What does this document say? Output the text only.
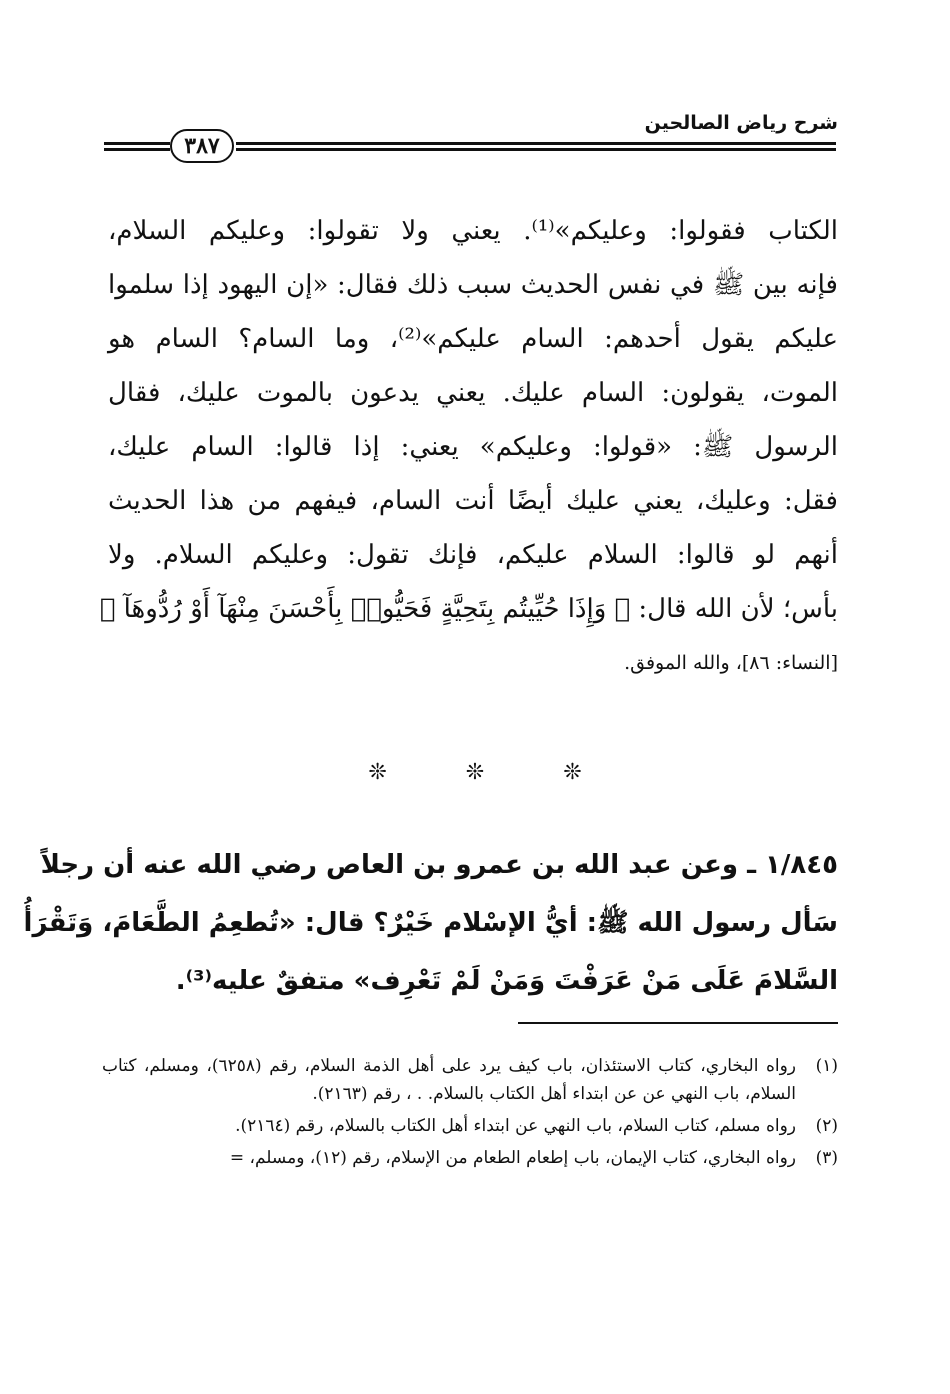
شرح رياض الصالحين
٣٨٧
الكتاب فقولوا: وعليكم»⁽¹⁾. يعني ولا تقولوا: وعليكم السلام،
فإنه بين ﷺ في نفس الحديث سبب ذلك فقال: «إن اليهود إذا سلموا
عليكم يقول أحدهم: السام عليكم»⁽²⁾، وما السام؟ السام هو
الموت، يقولون: السام عليك. يعني يدعون بالموت عليك، فقال
الرسول ﷺ: «قولوا: وعليكم» يعني: إذا قالوا: السام عليك،
فقل: وعليك، يعني عليك أيضًا أنت السام، فيفهم من هذا الحديث
أنهم لو قالوا: السلام عليكم، فإنك تقول: وعليكم السلام. ولا
بأس؛ لأن الله قال: ﴿ وَإِذَا حُيِّيتُم بِتَحِيَّةٍ فَحَيُّوا۟ بِأَحْسَنَ مِنْهَآ أَوْ رُدُّوهَآ ﴾
[النساء: ٨٦]، والله الموفق.
❊	❊	❊
١/٨٤٥ ـ وعن عبد الله بن عمرو بن العاص رضي الله عنه أن رجلاً
سَأل رسول الله ﷺ: أيُّ الإسْلام خَيْرٌ؟ قال: «تُطعِمُ الطَّعَامَ، وَتَقْرَأُ
السَّلامَ عَلَى مَنْ عَرَفْتَ وَمَنْ لَمْ تَعْرِف» متفقٌ عليه⁽³⁾.
(١)
رواه البخاري، كتاب الاستئذان، باب كيف يرد على أهل الذمة السلام، رقم (٦٢٥٨)، ومسلم، كتاب السلام، باب النهي عن عن ابتداء أهل الكتاب بالسلام. . ، رقم (٢١٦٣).
(٢)
رواه مسلم، كتاب السلام، باب النهي عن ابتداء أهل الكتاب بالسلام، رقم (٢١٦٤).
(٣)
رواه البخاري، كتاب الإيمان، باب إطعام الطعام من الإسلام، رقم (١٢)، ومسلم، =
